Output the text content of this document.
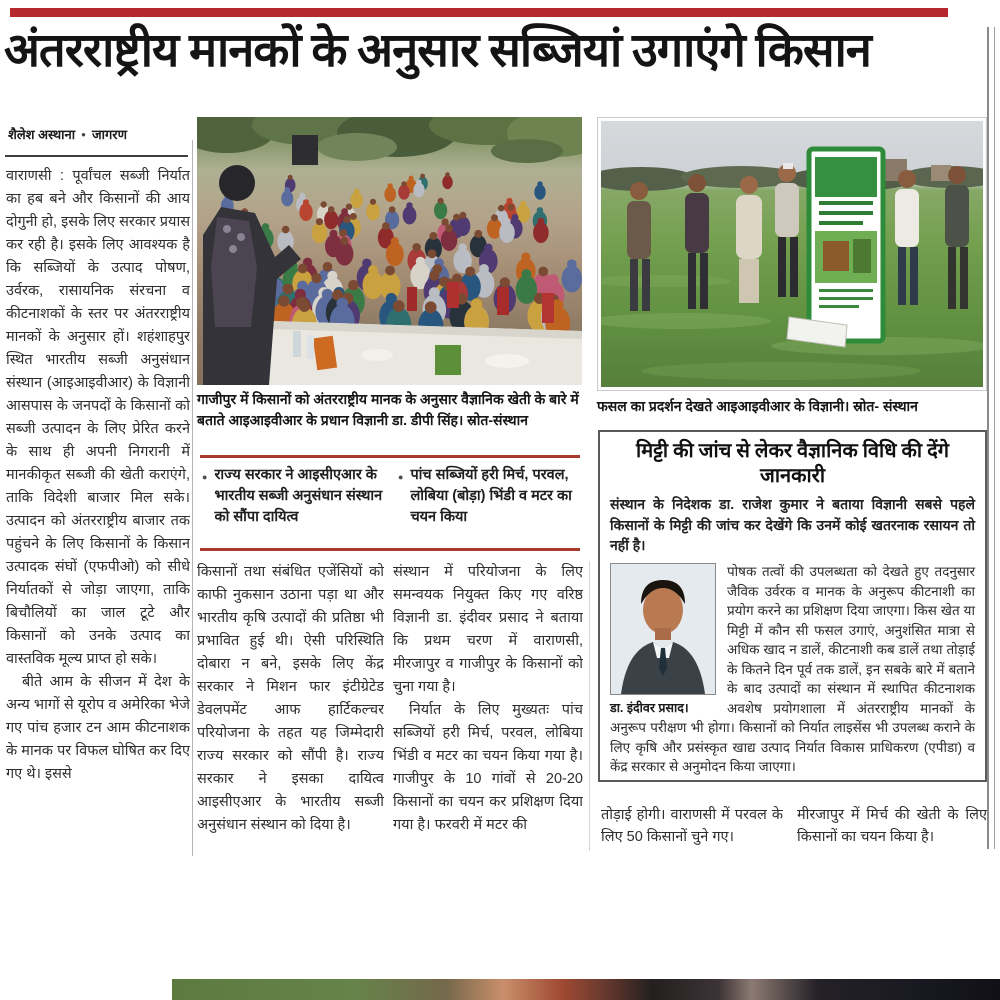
अंतरराष्ट्रीय मानकों के अनुसार सब्जियां उगाएंगे किसान
शैलेश अस्थाना ● जागरण

वाराणसी : पूर्वांचल सब्जी निर्यात का हब बने और किसानों की आय दोगुनी हो, इसके लिए सरकार प्रयास कर रही है। इसके लिए आवश्यक है कि सब्जियों के उत्पाद पोषण, उर्वरक, रासायनिक संरचना व कीटनाशकों के स्तर पर अंतरराष्ट्रीय मानकों के अनुसार हों। शहंशाहपुर स्थित भारतीय सब्जी अनुसंधान संस्थान (आइआइवीआर) के विज्ञानी आसपास के जनपदों के किसानों को सब्जी उत्पादन के लिए प्रेरित करने के साथ ही अपनी निगरानी में मानकीकृत सब्जी की खेती कराएंगे, ताकि विदेशी बाजार मिल सके। उत्पादन को अंतरराष्ट्रीय बाजार तक पहुंचने के लिए किसानों के किसान उत्पादक संघों (एफपीओ) को सीधे निर्यातकों से जोड़ा जाएगा, ताकि बिचौलियों का जाल टूटे और किसानों को उनके उत्पाद का वास्तविक मूल्य प्राप्त हो सके।

बीते आम के सीजन में देश के अन्य भागों से यूरोप व अमेरिका भेजे गए पांच हजार टन आम कीटनाशक के मानक पर विफल घोषित कर दिए गए थे। इससे

गाजीपुर में किसानों को अंतरराष्ट्रीय मानक के अनुसार वैज्ञानिक खेती के बारे में बताते आइआइवीआर के प्रधान विज्ञानी डा. डीपी सिंह। स्रोत-संस्थान
● राज्य सरकार ने आइसीएआर के भारतीय सब्जी अनुसंधान संस्थान को सौंपा दायित्व
● पांच सब्जियों हरी मिर्च, परवल, लोबिया (बोड़ा) भिंडी व मटर का चयन किया

किसानों तथा संबंधित एजेंसियों को काफी नुकसान उठाना पड़ा था और भारतीय कृषि उत्पादों की प्रतिष्ठा भी प्रभावित हुई थी। ऐसी परिस्थिति दोबारा न बने, इसके लिए केंद्र सरकार ने मिशन फार इंटीग्रेटेड डेवलपमेंट आफ हार्टिकल्चर परियोजना के तहत यह जिम्मेदारी राज्य सरकार को सौंपी है। राज्य सरकार ने इसका दायित्व आइसीएआर के भारतीय सब्जी अनुसंधान संस्थान को दिया है।

संस्थान में परियोजना के लिए समन्वयक नियुक्त किए गए वरिष्ठ विज्ञानी डा. इंदीवर प्रसाद ने बताया कि प्रथम चरण में वाराणसी, मीरजापुर व गाजीपुर के किसानों को चुना गया है।

निर्यात के लिए मुख्यतः पांच सब्जियों हरी मिर्च, परवल, लोबिया भिंडी व मटर का चयन किया गया है। गाजीपुर के 10 गांवों से 20-20 किसानों का चयन कर प्रशिक्षण दिया गया है। फरवरी में मटर की

फसल का प्रदर्शन देखते आइआइवीआर के विज्ञानी। स्रोत- संस्थान
मिट्टी की जांच से लेकर वैज्ञानिक विधि की देंगे जानकारी
संस्थान के निदेशक डा. राजेश कुमार ने बताया विज्ञानी सबसे पहले किसानों के मिट्टी की जांच कर देखेंगे कि उनमें कोई खतरनाक रसायन तो नहीं है।
डा. इंदीवर प्रसाद।
पोषक तत्वों की उपलब्धता को देखते हुए तदनुसार जैविक उर्वरक व मानक के अनुरूप कीटनाशी का प्रयोग करने का प्रशिक्षण दिया जाएगा। किस खेत या मिट्टी में कौन सी फसल उगाएं, अनुशंसित मात्रा से अधिक खाद न डालें, कीटनाशी कब डालें तथा तोड़ाई के कितने दिन पूर्व तक डालें, इन सबके बारे में बताने के बाद उत्पादों का संस्थान में स्थापित कीटनाशक अवशेष प्रयोगशाला में अंतरराष्ट्रीय मानकों के अनुरूप परीक्षण भी होगा। किसानों को निर्यात लाइसेंस भी उपलब्ध कराने के लिए कृषि और प्रसंस्कृत खाद्य उत्पाद निर्यात विकास प्राधिकरण (एपीडा) व केंद्र सरकार से अनुमोदन किया जाएगा।
तोड़ाई होगी। वाराणसी में परवल के लिए 50 किसानों चुने गए।
मीरजापुर में मिर्च की खेती के लिए किसानों का चयन किया है।
